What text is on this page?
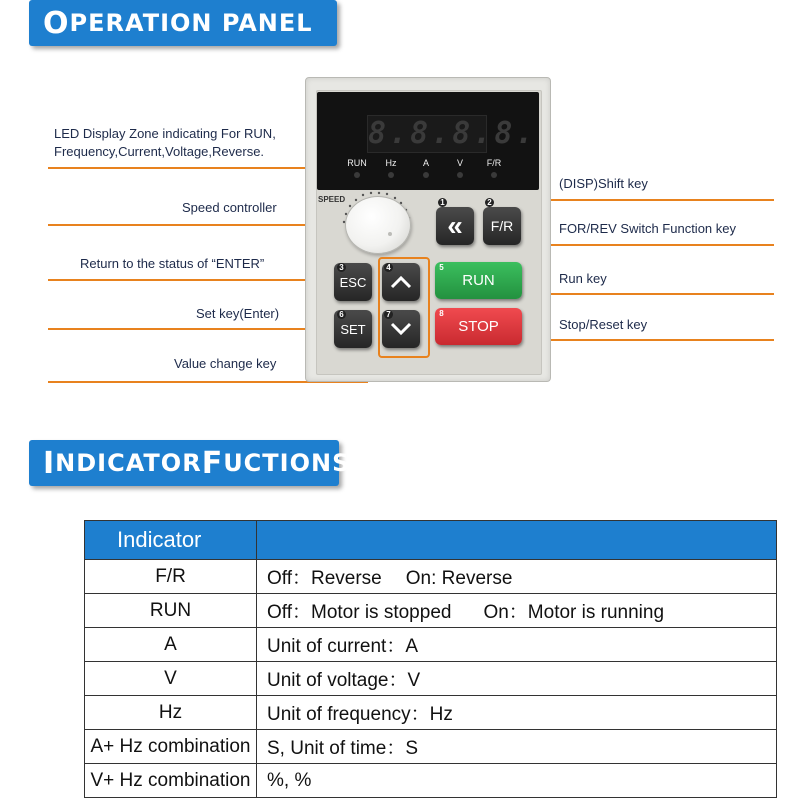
O PERATION PANEL
LED Display Zone indicating For RUN,
Frequency,Current,Voltage,Reverse.
Speed controller
Return to the status of “ENTER”
Set key(Enter)
Value change key
(DISP)Shift key
FOR/REV Switch Function key
Run key
Stop/Reset key
8.8.8.8.
RUN	Hz	A	V	F/R
SPEED
«
1
F/R
2
ESC
3
SET
6
4
7
RUN
5
STOP
8
I NDICATOR F UCTIONS
Indicator	
F/R	Off：Reverse On: Reverse
RUN	Off：Motor is stopped On：Motor is running
A	Unit of current：A
V	Unit of voltage：V
Hz	Unit of frequency：Hz
A+ Hz combination	S, Unit of time：S
V+ Hz combination	%, %
